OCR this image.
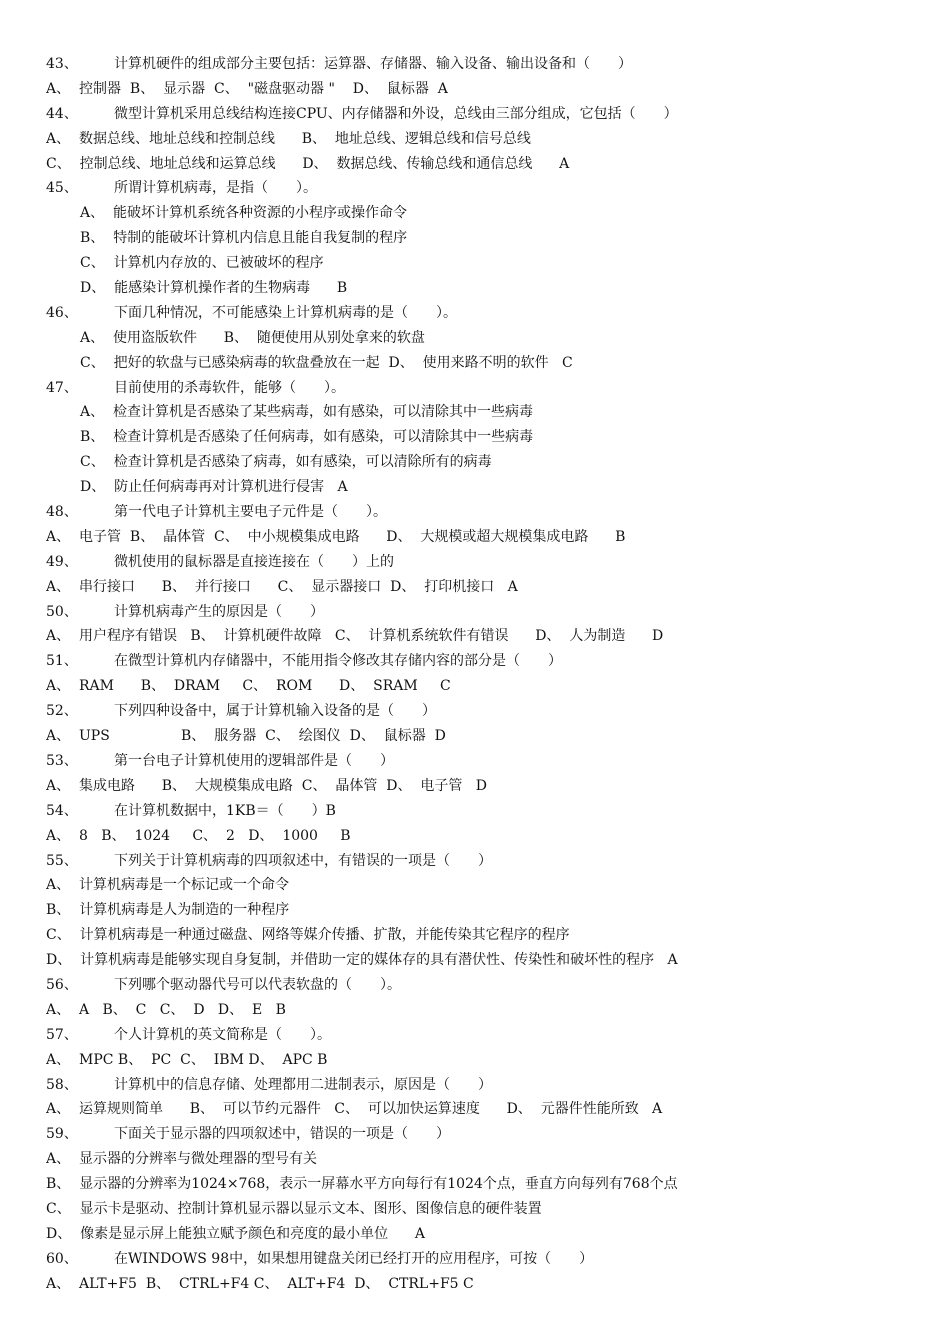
43、	计算机硬件的组成部分主要包括：运算器、存储器、输入设备、输出设备和（　　）
A、  控制器  B、  显示器  C、  "磁盘驱动器 "    D、  鼠标器  A
44、	微型计算机采用总线结构连接CPU、内存储器和外设，总线由三部分组成，它包括（　　）
A、  数据总线、地址总线和控制总线      B、  地址总线、逻辑总线和信号总线
C、  控制总线、地址总线和运算总线      D、  数据总线、传输总线和通信总线      A
45、	所谓计算机病毒，是指（　　）。
A、  能破坏计算机系统各种资源的小程序或操作命令
B、  特制的能破坏计算机内信息且能自我复制的程序
C、  计算机内存放的、已被破坏的程序
D、  能感染计算机操作者的生物病毒      B
46、	下面几种情况，不可能感染上计算机病毒的是（　　）。
A、  使用盗版软件      B、  随便使用从别处拿来的软盘
C、  把好的软盘与已感染病毒的软盘叠放在一起  D、  使用来路不明的软件   C
47、	目前使用的杀毒软件，能够（　　）。
A、  检查计算机是否感染了某些病毒，如有感染，可以清除其中一些病毒
B、  检查计算机是否感染了任何病毒，如有感染，可以清除其中一些病毒
C、  检查计算机是否感染了病毒，如有感染，可以清除所有的病毒
D、  防止任何病毒再对计算机进行侵害   A
48、	第一代电子计算机主要电子元件是（　　）。
A、  电子管  B、  晶体管  C、  中小规模集成电路      D、  大规模或超大规模集成电路      B
49、	微机使用的鼠标器是直接连接在（　　）上的
A、  串行接口      B、  并行接口      C、  显示器接口  D、  打印机接口   A
50、	计算机病毒产生的原因是（　　）
A、  用户程序有错误   B、  计算机硬件故障   C、  计算机系统软件有错误      D、  人为制造      D
51、	在微型计算机内存储器中，不能用指令修改其存储内容的部分是（　　）
A、  RAM      B、  DRAM     C、  ROM      D、  SRAM     C
52、	下列四种设备中，属于计算机输入设备的是（　　）
A、  UPS                B、  服务器  C、  绘图仪  D、  鼠标器  D
53、	第一台电子计算机使用的逻辑部件是（　　）
A、  集成电路      B、  大规模集成电路  C、  晶体管  D、  电子管   D
54、	在计算机数据中，1KB＝（　　）B
A、  8   B、  1024     C、  2   D、  1000     B
55、	下列关于计算机病毒的四项叙述中，有错误的一项是（　　）
A、  计算机病毒是一个标记或一个命令
B、  计算机病毒是人为制造的一种程序
C、  计算机病毒是一种通过磁盘、网络等媒介传播、扩散，并能传染其它程序的程序
D、  计算机病毒是能够实现自身复制，并借助一定的媒体存的具有潜伏性、传染性和破坏性的程序   A
56、	下列哪个驱动器代号可以代表软盘的（　　）。
A、  A   B、  C   C、  D   D、  E   B
57、	个人计算机的英文简称是（　　）。
A、  MPC B、  PC  C、  IBM D、  APC B
58、	计算机中的信息存储、处理都用二进制表示，原因是（　　）
A、  运算规则简单      B、  可以节约元器件   C、  可以加快运算速度      D、  元器件性能所致   A
59、	下面关于显示器的四项叙述中，错误的一项是（　　）
A、  显示器的分辨率与微处理器的型号有关
B、  显示器的分辨率为1024×768，表示一屏幕水平方向每行有1024个点，垂直方向每列有768个点
C、  显示卡是驱动、控制计算机显示器以显示文本、图形、图像信息的硬件装置
D、  像素是显示屏上能独立赋予颜色和亮度的最小单位      A
60、	在WINDOWS 98中，如果想用键盘关闭已经打开的应用程序，可按（　　）
A、  ALT+F5  B、  CTRL+F4 C、  ALT+F4  D、  CTRL+F5 C
